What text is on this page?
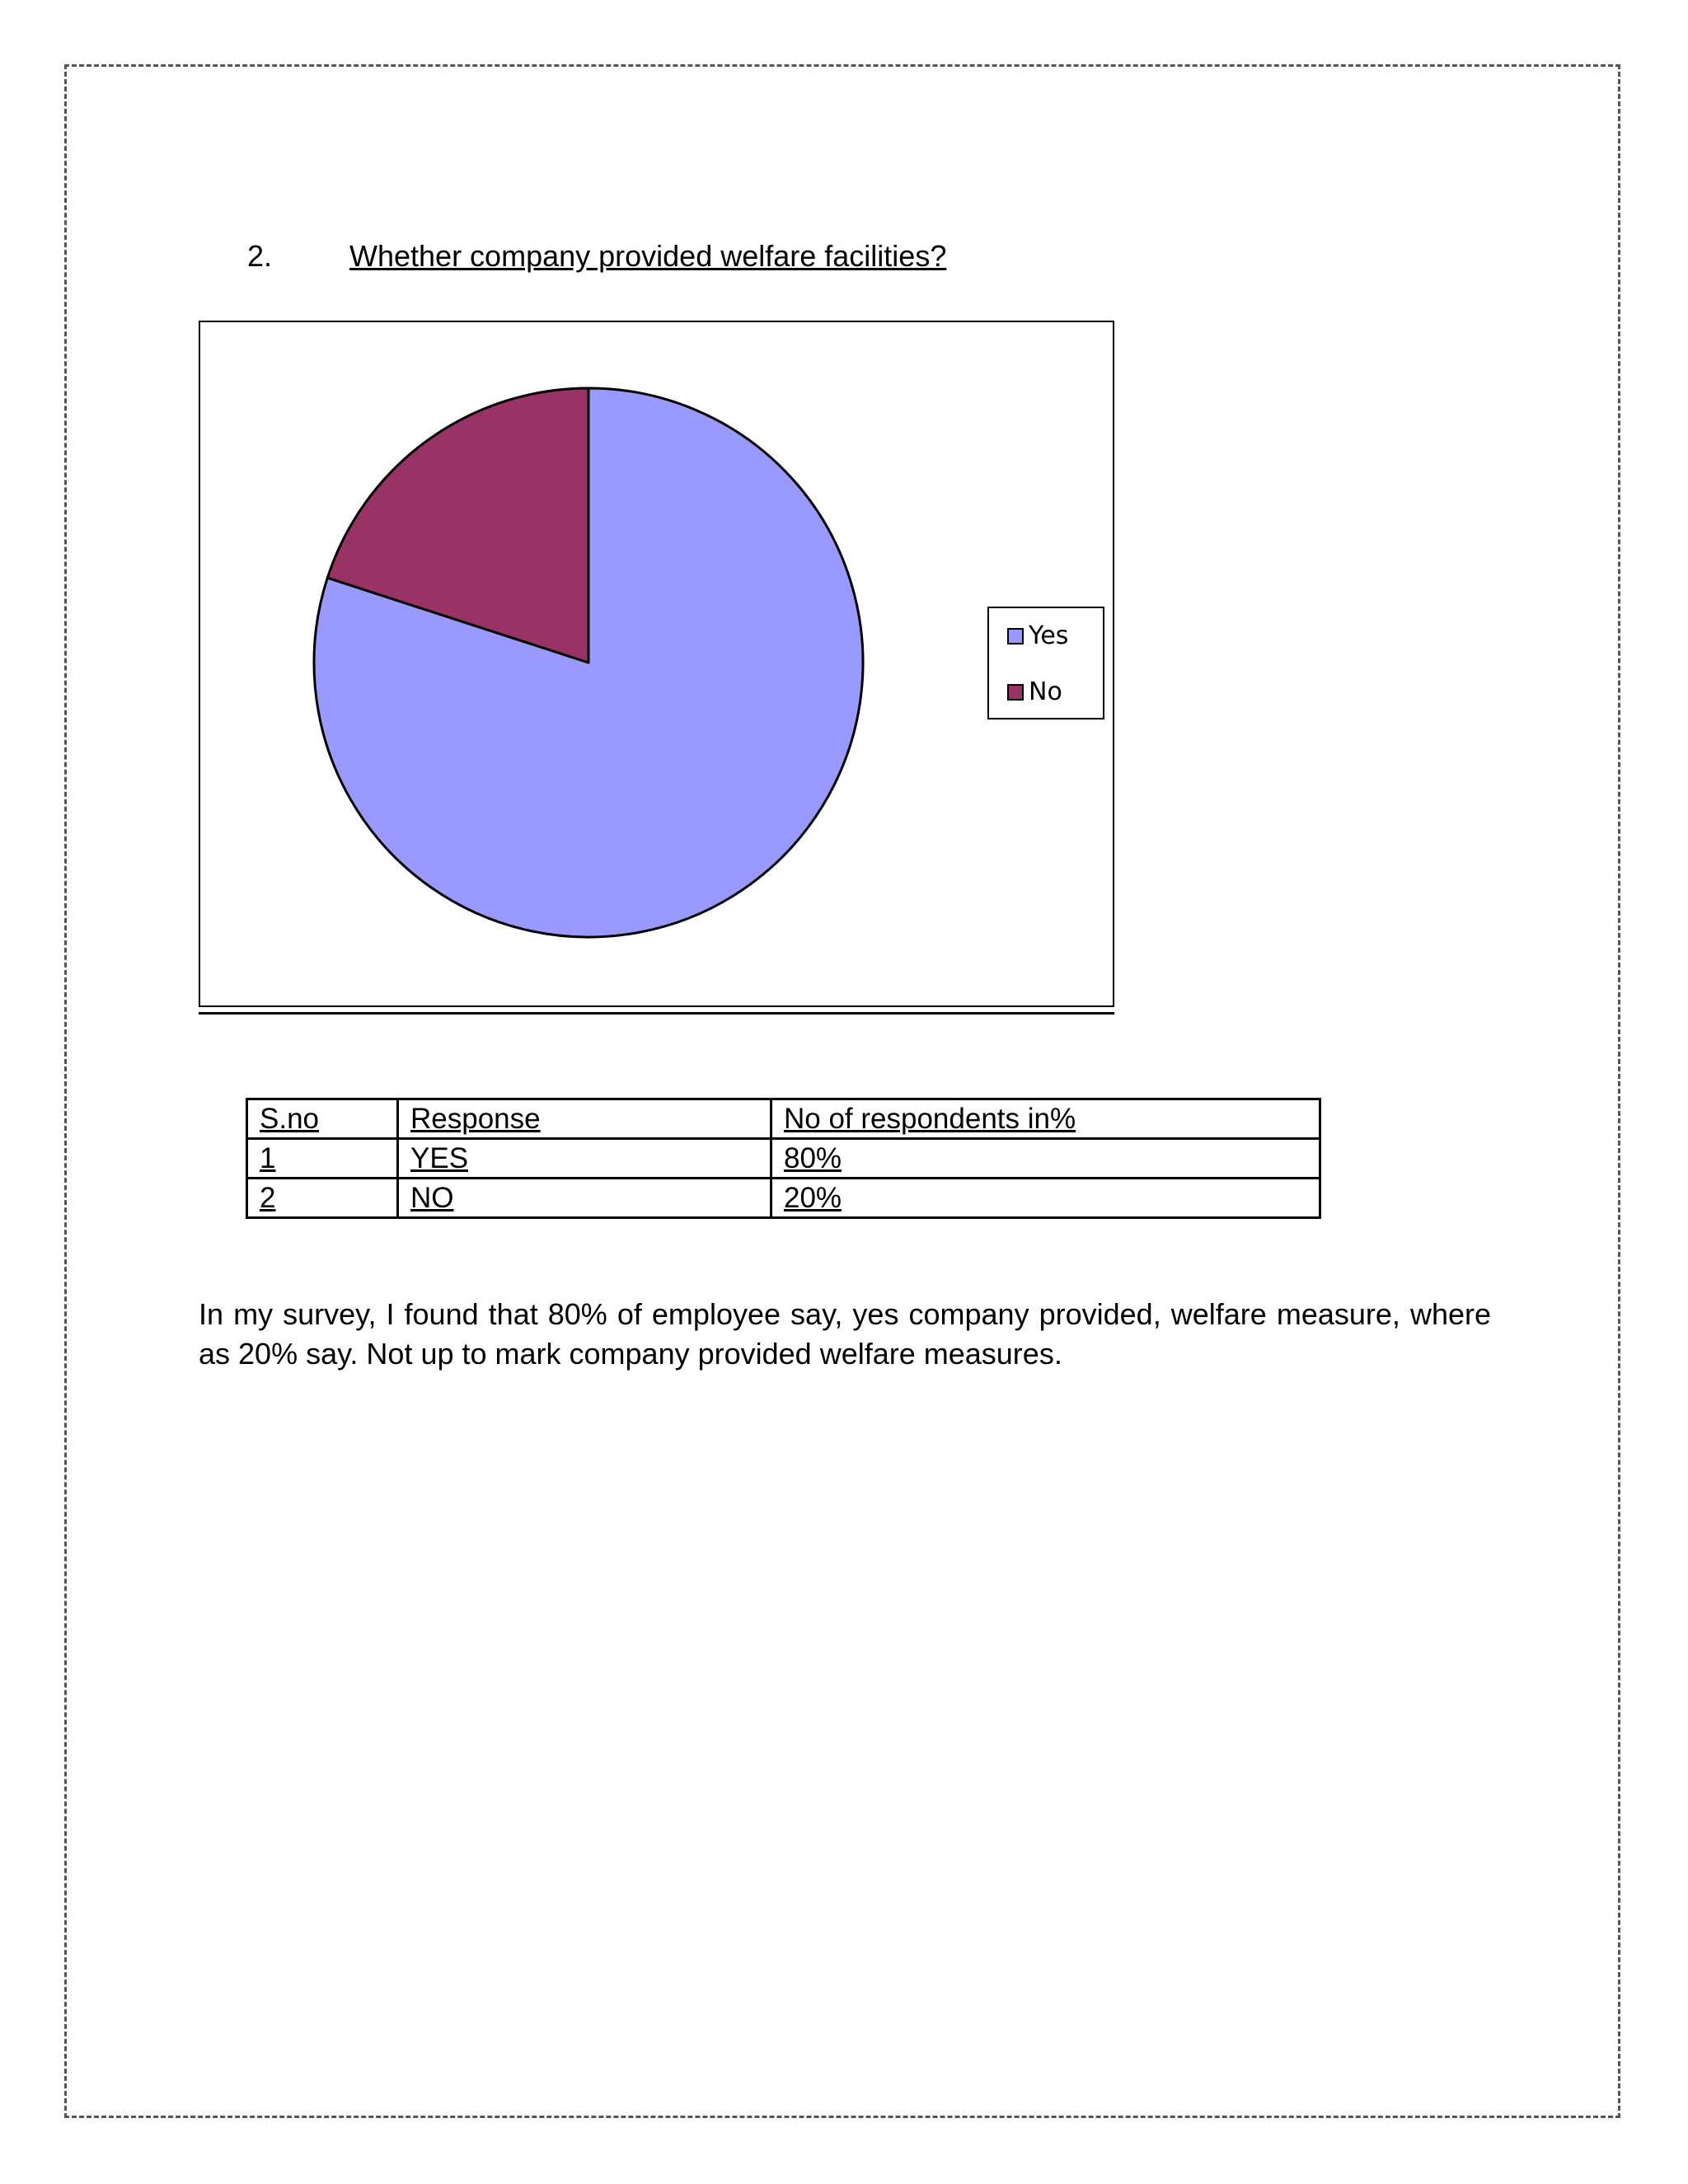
2.	Whether company provided welfare facilities?
Yes
No
S.no	Response	No of respondents in%
1	YES	80%
2	NO	20%

In my survey, I found that 80% of employee say, yes company provided, welfare measure, where as 20% say. Not up to mark company provided welfare measures.
